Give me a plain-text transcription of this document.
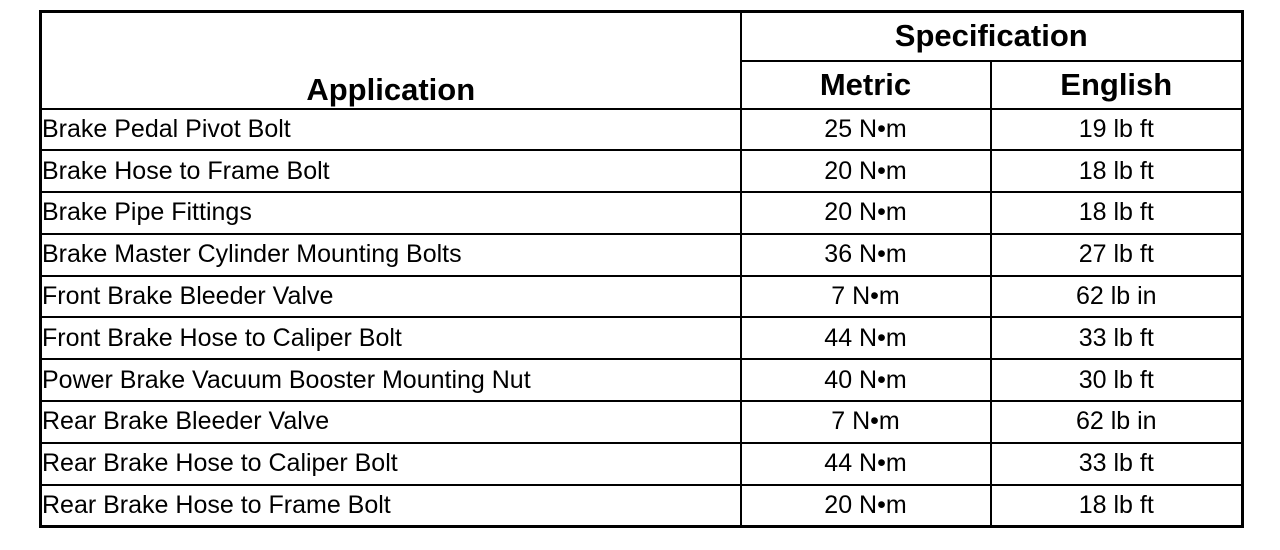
Application	Specification	
	Metric	English
Brake Pedal Pivot Bolt	25 N•m	19 lb ft
Brake Hose to Frame Bolt	20 N•m	18 lb ft
Brake Pipe Fittings	20 N•m	18 lb ft
Brake Master Cylinder Mounting Bolts	36 N•m	27 lb ft
Front Brake Bleeder Valve	7 N•m	62 lb in
Front Brake Hose to Caliper Bolt	44 N•m	33 lb ft
Power Brake Vacuum Booster Mounting Nut	40 N•m	30 lb ft
Rear Brake Bleeder Valve	7 N•m	62 lb in
Rear Brake Hose to Caliper Bolt	44 N•m	33 lb ft
Rear Brake Hose to Frame Bolt	20 N•m	18 lb ft
